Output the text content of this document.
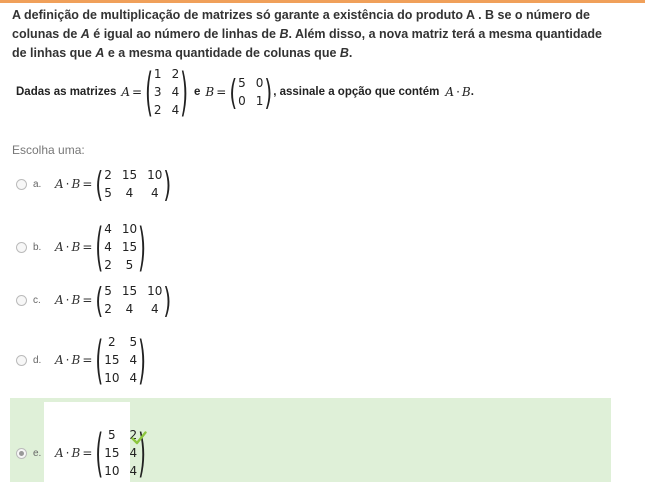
A definição de multiplicação de matrizes só garante a existência do produto A . B se o número de colunas de A é igual ao número de linhas de B. Além disso, a nova matriz terá a mesma quantidade de linhas que A e a mesma quantidade de colunas que B.
Dadas as matrizes A = ( 1 2
3 4
2 4 ) e B = ( 5 0
0 1 ) , assinale a opção que contém A · B .
Escolha uma:
a.	A · B = ( 2 15 10
5	4	4 )
b.	A · B = ( 4 10
4 15
2	5 )
c.	A · B = ( 5 15 10
2	4	4 )
d.	A · B = ( 2	5
15 4
10 4 )
e.	A · B = ( 5	2
15 4
10 4 )
